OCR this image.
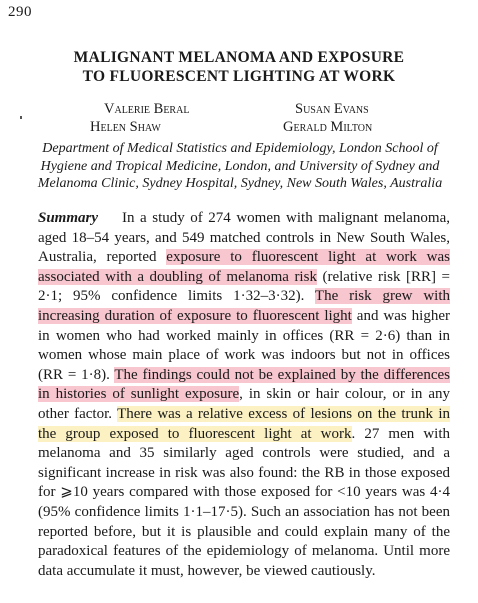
290
MALIGNANT MELANOMA AND EXPOSURE
TO FLUORESCENT LIGHTING AT WORK
Valerie Beral	Susan Evans
Helen Shaw	Gerald Milton
Department of Medical Statistics and Epidemiology, London School of Hygiene and Tropical Medicine, London, and University of Sydney and Melanoma Clinic, Sydney Hospital, Sydney, New South Wales, Australia
Summary In a study of 274 women with malignant melanoma, aged 18–54 years, and 549 matched controls in New South Wales, Australia, reported exposure to fluorescent light at work was associated with a doubling of melanoma risk (relative risk [RR] = 2·1; 95% confidence limits 1·32–3·32). The risk grew with increasing duration of exposure to fluorescent light and was higher in women who had worked mainly in offices (RR = 2·6) than in women whose main place of work was indoors but not in offices (RR = 1·8). The findings could not be explained by the differences in histories of sunlight exposure, in skin or hair colour, or in any other factor. There was a relative excess of lesions on the trunk in the group exposed to fluorescent light at work. 27 men with melanoma and 35 similarly aged controls were studied, and a significant increase in risk was also found: the RB in those exposed for ⩾10 years compared with those exposed for <10 years was 4·4 (95% confidence limits 1·1–17·5). Such an association has not been reported before, but it is plausible and could explain many of the paradoxical features of the epidemiology of melanoma. Until more data accumulate it must, however, be viewed cautiously.
